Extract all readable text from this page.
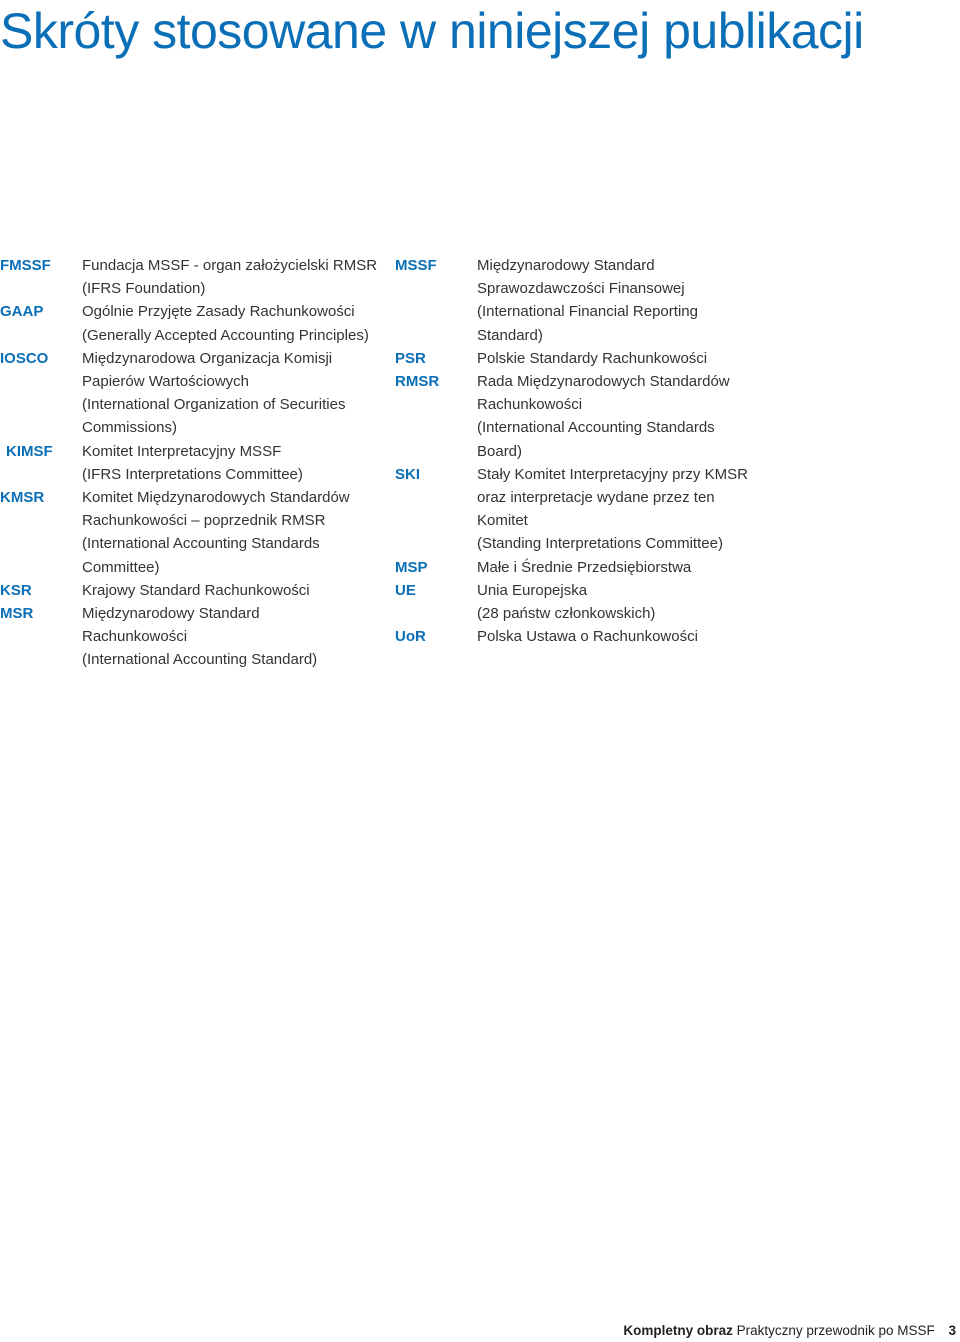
Skróty stosowane w niniejszej publikacji
FMSSF Fundacja MSSF - organ założycielski RMSR
(IFRS Foundation)
GAAP	Ogólnie Przyjęte Zasady Rachunkowości
(Generally Accepted Accounting Principles)
IOSCO Międzynarodowa Organizacja Komisji
Papierów Wartościowych
(International Organization of Securities
Commissions)
KIMSF Komitet Interpretacyjny MSSF
(IFRS Interpretations Committee)
KMSR	Komitet Międzynarodowych Standardów
Rachunkowości – poprzednik RMSR
(International Accounting Standards
Committee)
KSR	Krajowy Standard Rachunkowości
MSR	Międzynarodowy Standard
Rachunkowości
(International Accounting Standard)
MSSF	Międzynarodowy Standard
Sprawozdawczości Finansowej
(International Financial Reporting
Standard)
PSR	Polskie Standardy Rachunkowości
RMSR	Rada Międzynarodowych Standardów
Rachunkowości
(International Accounting Standards
Board)
SKI	Stały Komitet Interpretacyjny przy KMSR
oraz interpretacje wydane przez ten
Komitet
(Standing Interpretations Committee)
MSP	Małe i Średnie Przedsiębiorstwa
UE	Unia Europejska
(28 państw członkowskich)
UoR	Polska Ustawa o Rachunkowości
Kompletny obraz Praktyczny przewodnik po MSSF 3
